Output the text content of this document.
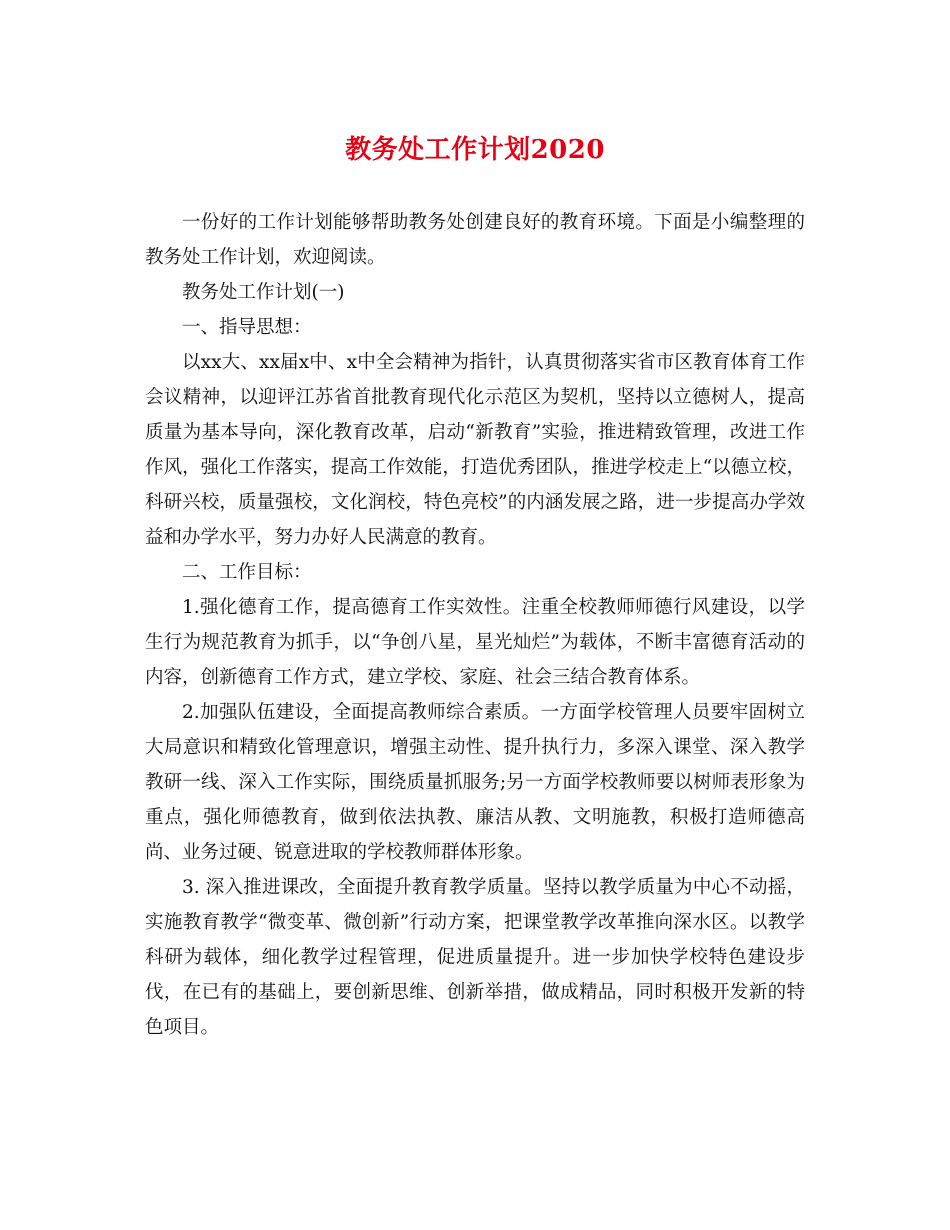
教务处工作计划2020

一份好的工作计划能够帮助教务处创建良好的教育环境。下面是小编整理的教务处工作计划，欢迎阅读。

教务处工作计划(一)

一、指导思想：

以xx大、xx届x中、x中全会精神为指针，认真贯彻落实省市区教育体育工作会议精神，以迎评江苏省首批教育现代化示范区为契机，坚持以立德树人，提高质量为基本导向，深化教育改革，启动“新教育”实验，推进精致管理，改进工作作风，强化工作落实，提高工作效能，打造优秀团队，推进学校走上“以德立校，科研兴校，质量强校，文化润校，特色亮校”的内涵发展之路，进一步提高办学效益和办学水平，努力办好人民满意的教育。

二、工作目标：

1.强化德育工作，提高德育工作实效性。注重全校教师师德行风建设，以学生行为规范教育为抓手，以“争创八星，星光灿烂”为载体，不断丰富德育活动的内容，创新德育工作方式，建立学校、家庭、社会三结合教育体系。

2.加强队伍建设，全面提高教师综合素质。一方面学校管理人员要牢固树立大局意识和精致化管理意识，增强主动性、提升执行力，多深入课堂、深入教学教研一线、深入工作实际，围绕质量抓服务;另一方面学校教师要以树师表形象为重点，强化师德教育，做到依法执教、廉洁从教、文明施教，积极打造师德高尚、业务过硬、锐意进取的学校教师群体形象。

3. 深入推进课改，全面提升教育教学质量。坚持以教学质量为中心不动摇，实施教育教学“微变革、微创新”行动方案，把课堂教学改革推向深水区。以教学科研为载体，细化教学过程管理，促进质量提升。进一步加快学校特色建设步伐，在已有的基础上，要创新思维、创新举措，做成精品，同时积极开发新的特色项目。
